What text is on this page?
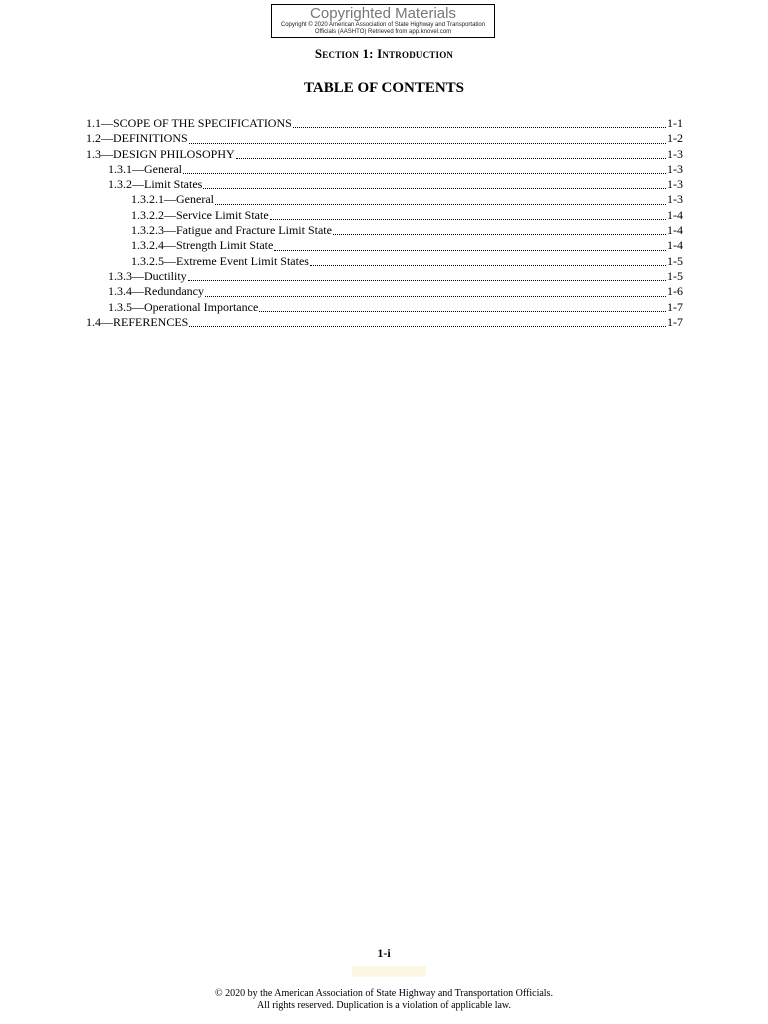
Copyrighted Materials
Copyright © 2020 American Association of State Highway and Transportation
Officials (AASHTO) Retrieved from app.knovel.com
Section 1: Introduction
TABLE OF CONTENTS
1.1—SCOPE OF THE SPECIFICATIONS	1-1
1.2—DEFINITIONS	1-2
1.3—DESIGN PHILOSOPHY	1-3
1.3.1—General	1-3
1.3.2—Limit States	1-3
1.3.2.1—General	1-3
1.3.2.2—Service Limit State	1-4
1.3.2.3—Fatigue and Fracture Limit State	1-4
1.3.2.4—Strength Limit State	1-4
1.3.2.5—Extreme Event Limit States	1-5
1.3.3—Ductility	1-5
1.3.4—Redundancy	1-6
1.3.5—Operational Importance	1-7
1.4—REFERENCES	1-7
1-i
© 2020 by the American Association of State Highway and Transportation Officials.
All rights reserved. Duplication is a violation of applicable law.
